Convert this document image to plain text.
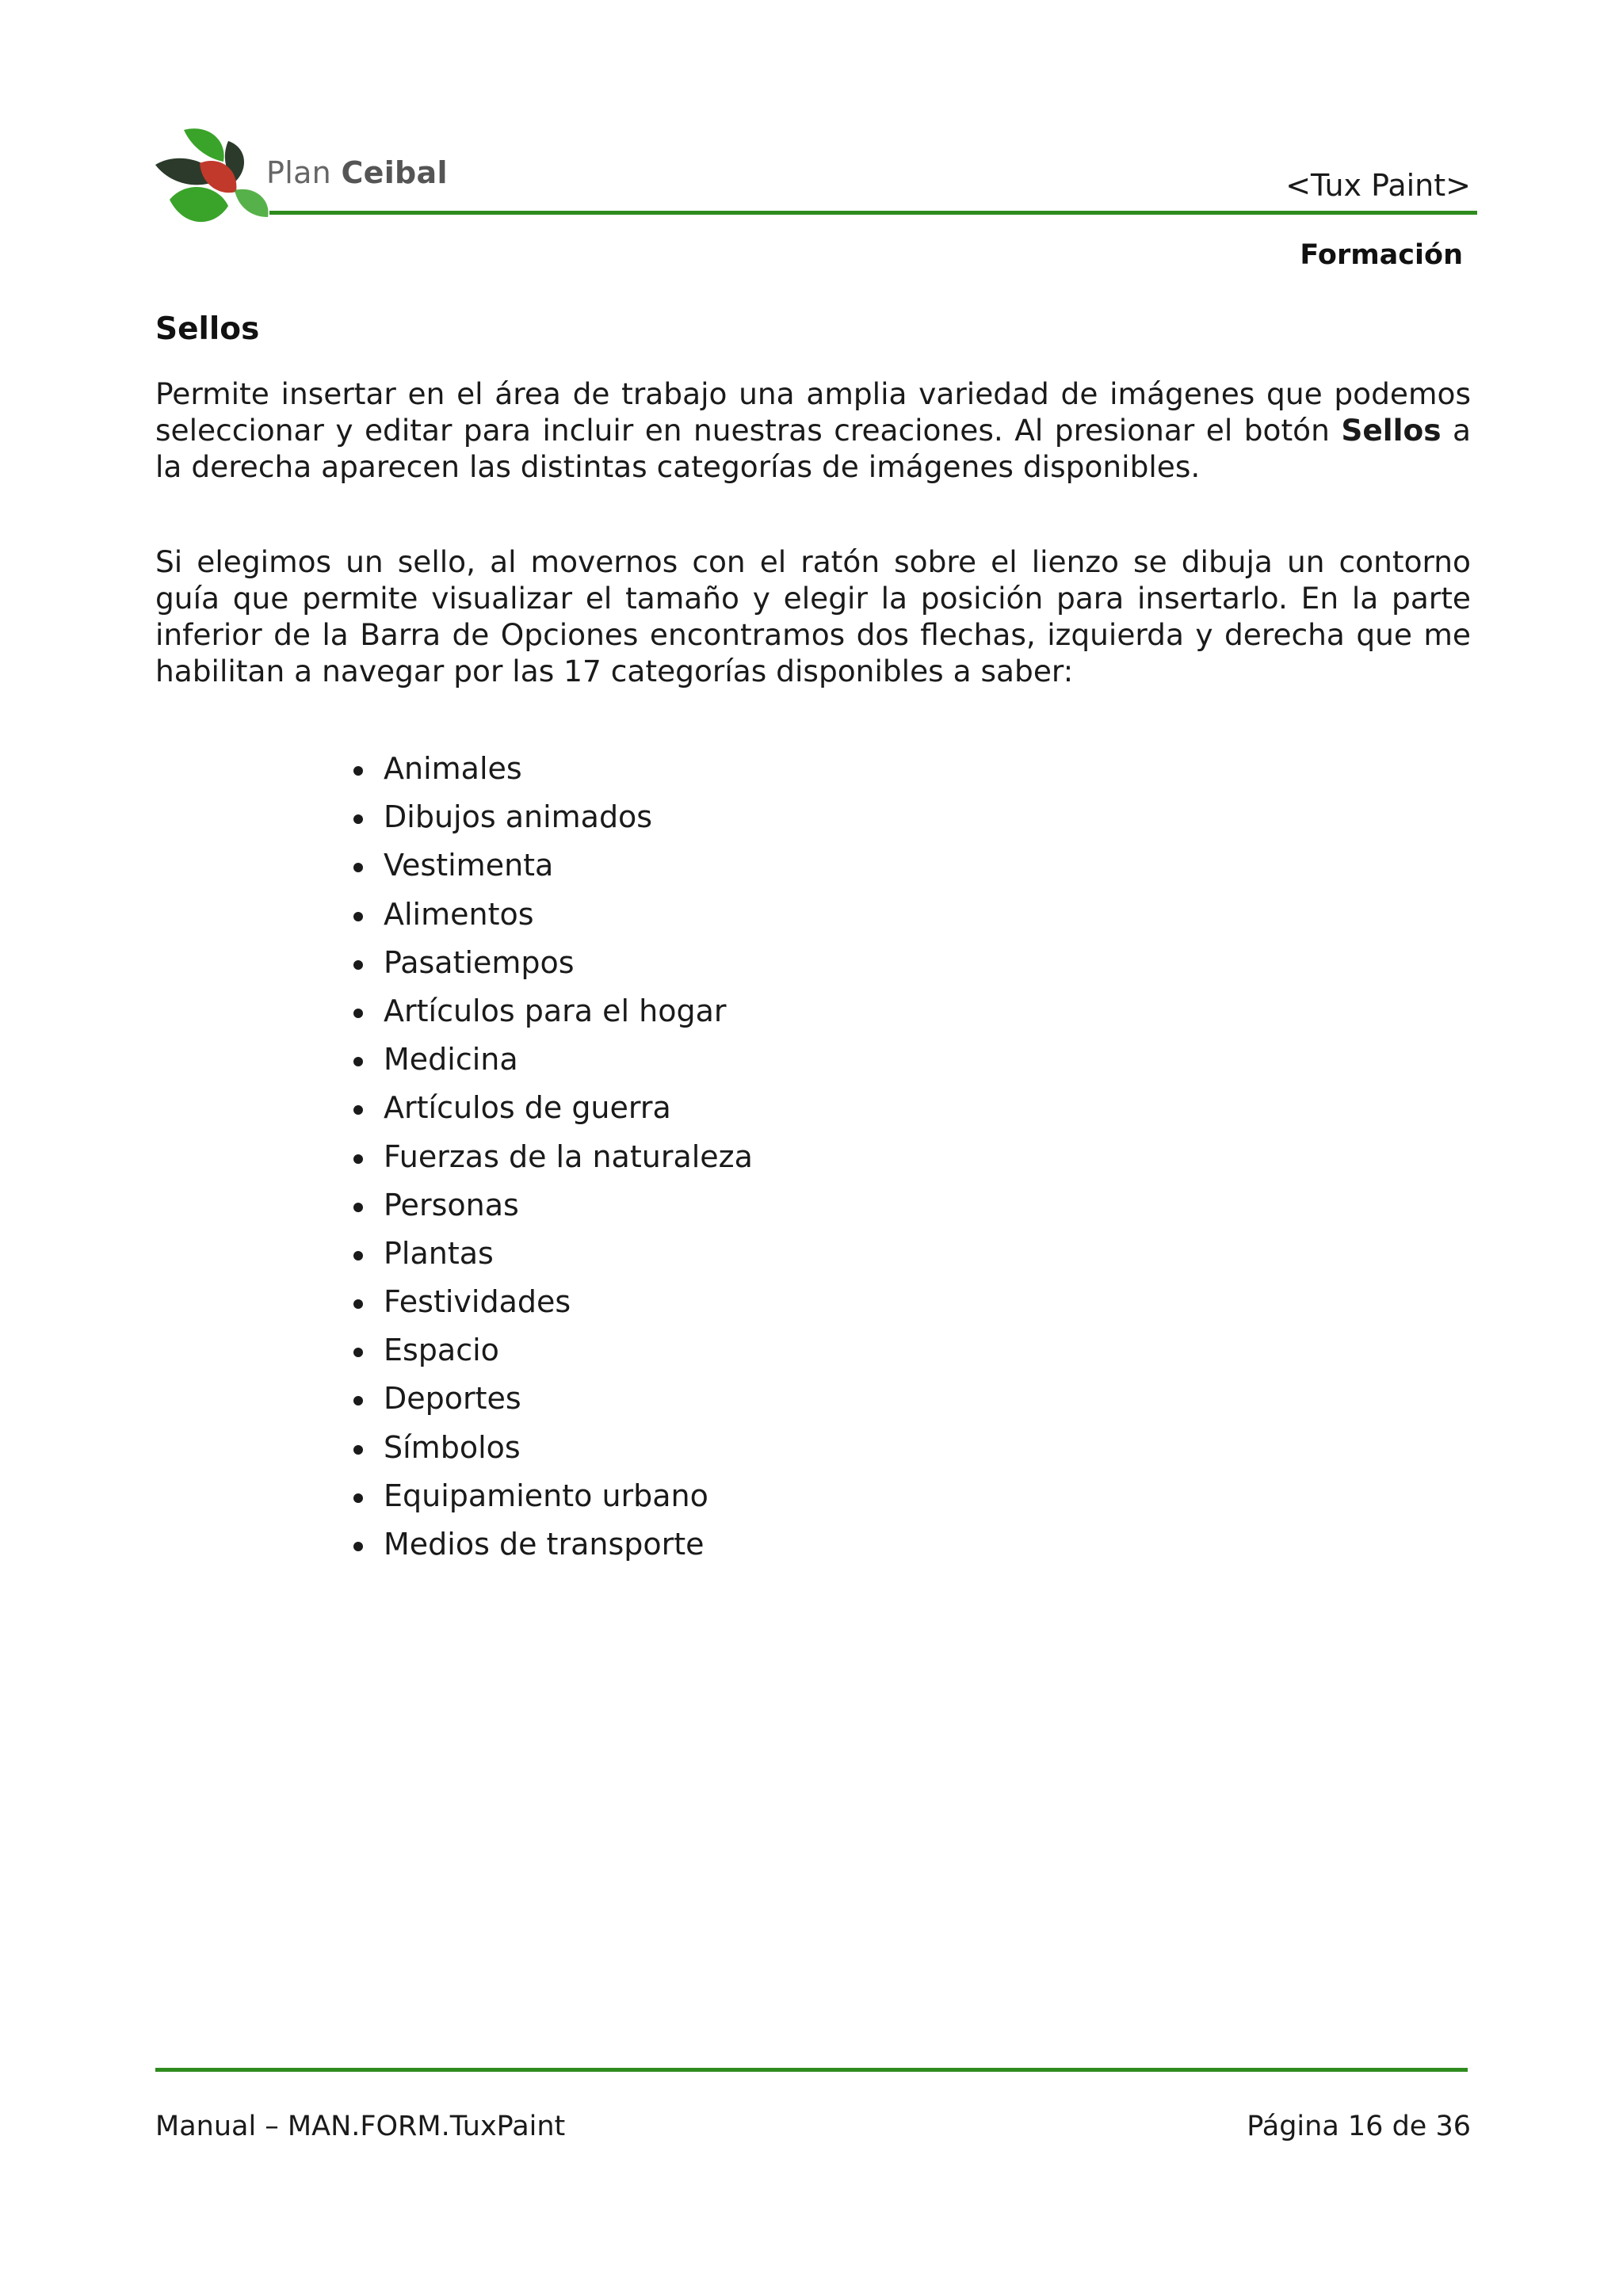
Plan Ceibal	<Tux Paint>
Formación
Sellos
Permite insertar en el área de trabajo una amplia variedad de imágenes que podemos seleccionar y editar para incluir en nuestras creaciones. Al presionar el botón Sellos a la derecha aparecen las distintas categorías de imágenes disponibles.
Si elegimos un sello, al movernos con el ratón sobre el lienzo se dibuja un contorno guía que permite visualizar el tamaño y elegir la posición para insertarlo. En la parte inferior de la Barra de Opciones encontramos dos flechas, izquierda y derecha que me habilitan a navegar por las 17 categorías disponibles a saber:
Animales
Dibujos animados
Vestimenta
Alimentos
Pasatiempos
Artículos para el hogar
Medicina
Artículos de guerra
Fuerzas de la naturaleza
Personas
Plantas
Festividades
Espacio
Deportes
Símbolos
Equipamiento urbano
Medios de transporte
Manual – MAN.FORM.TuxPaint	Página 16 de 36
